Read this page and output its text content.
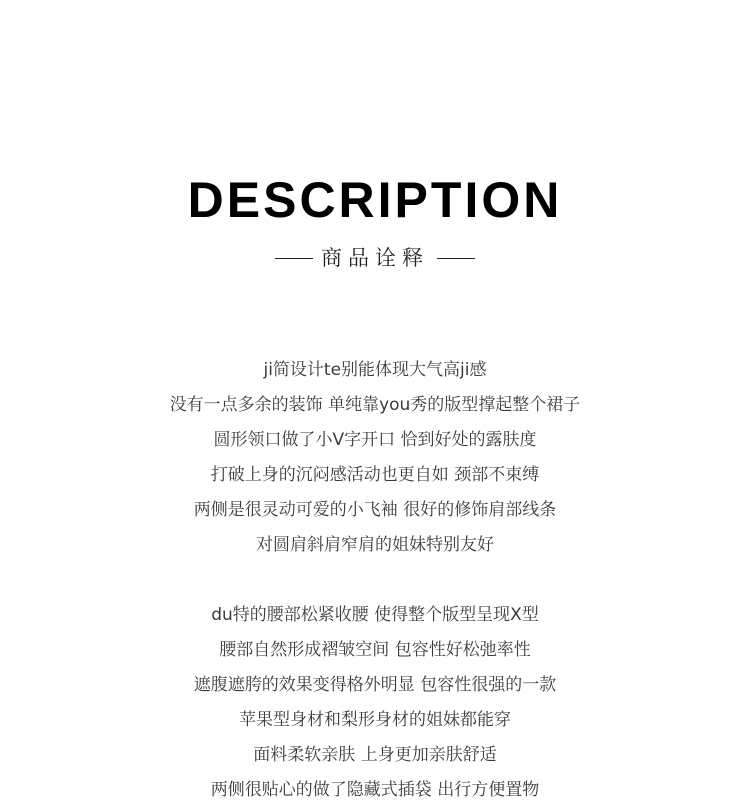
DESCRIPTION
商品诠释

ji简设计te别能体现大气高ji感
没有一点多余的装饰 单纯靠you秀的版型撑起整个裙子
圆形领口做了小V字开口 恰到好处的露肤度
打破上身的沉闷感活动也更自如 颈部不束缚
两侧是很灵动可爱的小飞袖 很好的修饰肩部线条
对圆肩斜肩窄肩的姐妹特别友好

du特的腰部松紧收腰 使得整个版型呈现X型
腰部自然形成褶皱空间 包容性好松弛率性
遮腹遮胯的效果变得格外明显 包容性很强的一款
苹果型身材和梨形身材的姐妹都能穿
面料柔软亲肤 上身更加亲肤舒适
两侧很贴心的做了隐藏式插袋 出行方便置物
